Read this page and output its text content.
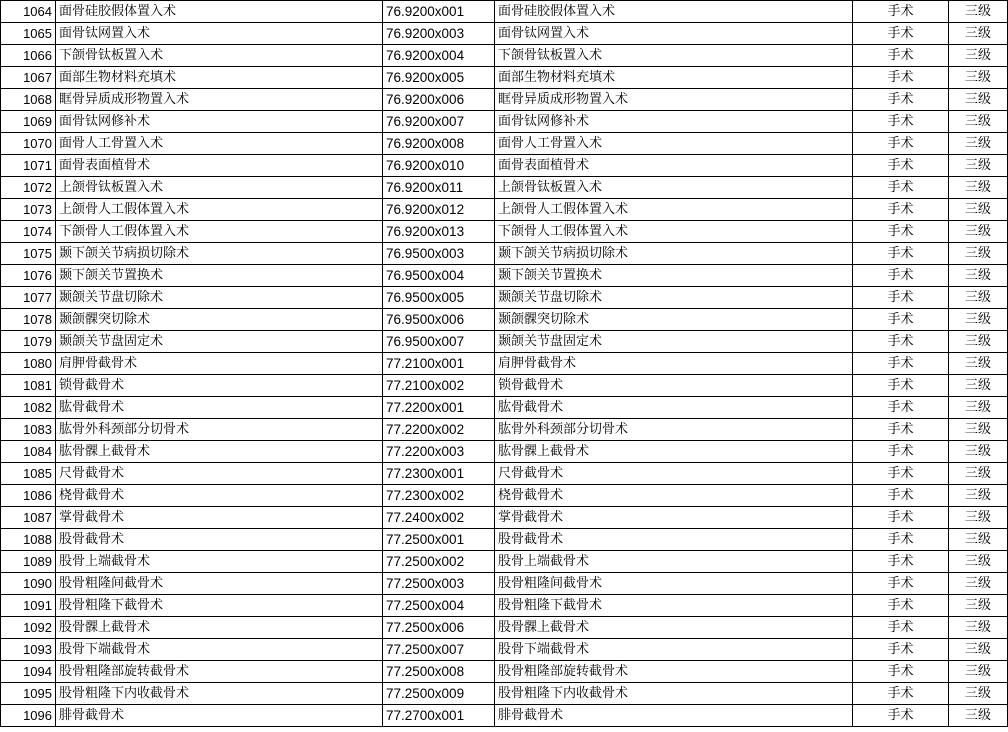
1064	面骨硅胶假体置入术	76.9200x001	面骨硅胶假体置入术	手术	三级
1065	面骨钛网置入术	76.9200x003	面骨钛网置入术	手术	三级
1066	下颌骨钛板置入术	76.9200x004	下颌骨钛板置入术	手术	三级
1067	面部生物材料充填术	76.9200x005	面部生物材料充填术	手术	三级
1068	眶骨异质成形物置入术	76.9200x006	眶骨异质成形物置入术	手术	三级
1069	面骨钛网修补术	76.9200x007	面骨钛网修补术	手术	三级
1070	面骨人工骨置入术	76.9200x008	面骨人工骨置入术	手术	三级
1071	面骨表面植骨术	76.9200x010	面骨表面植骨术	手术	三级
1072	上颌骨钛板置入术	76.9200x011	上颌骨钛板置入术	手术	三级
1073	上颌骨人工假体置入术	76.9200x012	上颌骨人工假体置入术	手术	三级
1074	下颌骨人工假体置入术	76.9200x013	下颌骨人工假体置入术	手术	三级
1075	颞下颌关节病损切除术	76.9500x003	颞下颌关节病损切除术	手术	三级
1076	颞下颌关节置换术	76.9500x004	颞下颌关节置换术	手术	三级
1077	颞颌关节盘切除术	76.9500x005	颞颌关节盘切除术	手术	三级
1078	颞颌髁突切除术	76.9500x006	颞颌髁突切除术	手术	三级
1079	颞颌关节盘固定术	76.9500x007	颞颌关节盘固定术	手术	三级
1080	肩胛骨截骨术	77.2100x001	肩胛骨截骨术	手术	三级
1081	锁骨截骨术	77.2100x002	锁骨截骨术	手术	三级
1082	肱骨截骨术	77.2200x001	肱骨截骨术	手术	三级
1083	肱骨外科颈部分切骨术	77.2200x002	肱骨外科颈部分切骨术	手术	三级
1084	肱骨髁上截骨术	77.2200x003	肱骨髁上截骨术	手术	三级
1085	尺骨截骨术	77.2300x001	尺骨截骨术	手术	三级
1086	桡骨截骨术	77.2300x002	桡骨截骨术	手术	三级
1087	掌骨截骨术	77.2400x002	掌骨截骨术	手术	三级
1088	股骨截骨术	77.2500x001	股骨截骨术	手术	三级
1089	股骨上端截骨术	77.2500x002	股骨上端截骨术	手术	三级
1090	股骨粗隆间截骨术	77.2500x003	股骨粗隆间截骨术	手术	三级
1091	股骨粗隆下截骨术	77.2500x004	股骨粗隆下截骨术	手术	三级
1092	股骨髁上截骨术	77.2500x006	股骨髁上截骨术	手术	三级
1093	股骨下端截骨术	77.2500x007	股骨下端截骨术	手术	三级
1094	股骨粗隆部旋转截骨术	77.2500x008	股骨粗隆部旋转截骨术	手术	三级
1095	股骨粗隆下内收截骨术	77.2500x009	股骨粗隆下内收截骨术	手术	三级
1096	腓骨截骨术	77.2700x001	腓骨截骨术	手术	三级
